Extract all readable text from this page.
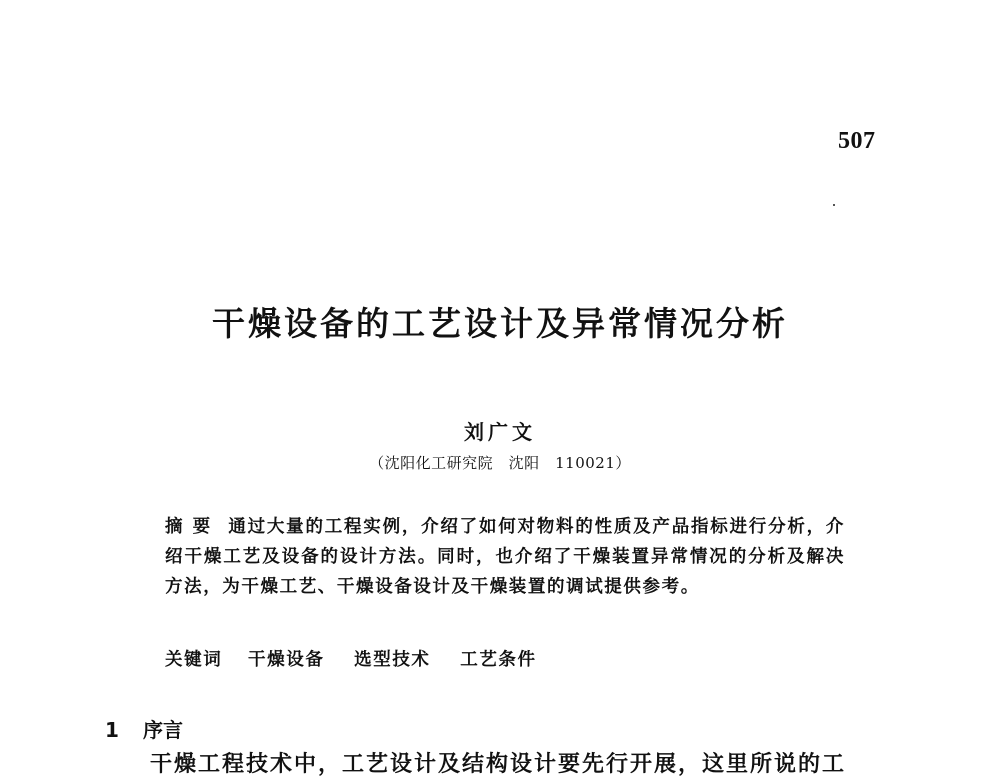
507
干燥设备的工艺设计及异常情况分析
刘广文
（沈阳化工研究院　沈阳　110021）
摘要 通过大量的工程实例，介绍了如何对物料的性质及产品指标进行分析，介绍干燥工艺及设备的设计方法。同时，也介绍了干燥装置异常情况的分析及解决方法，为干燥工艺、干燥设备设计及干燥装置的调试提供参考。
关键词 干燥设备 选型技术 工艺条件
1 序言
干燥工程技术中，工艺设计及结构设计要先行开展，这里所说的工
